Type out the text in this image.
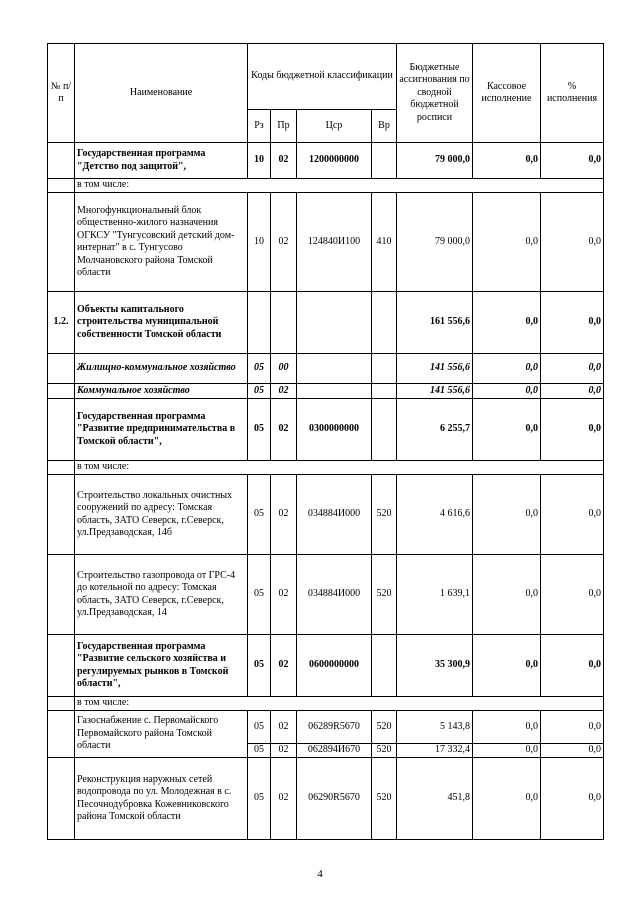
№ п/п	Наименование	Коды бюджетной классификации				Бюджетные ассигнования по сводной бюджетной росписи	Кассовое исполнение	% исполнения
		Рз	Пр	Цср	Вр			
	Государственная программа "Детство под защитой",	10	02	1200000000		79 000,0	0,0	0,0
	в том числе:							
	Многофункциональный блок общественно-жилого назначения ОГКСУ "Тунгусовский детский дом-интернат" в с. Тунгусово Молчановского района Томской области	10	02	124840И100	410	79 000,0	0,0	0,0
1.2.	Объекты капитального строительства муниципальной собственности Томской области					161 556,6	0,0	0,0
	Жилищно-коммунальное хозяйство	05	00			141 556,6	0,0	0,0
	Коммунальное хозяйство	05	02			141 556,6	0,0	0,0
	Государственная программа "Развитие предпринимательства в Томской области",	05	02	0300000000		6 255,7	0,0	0,0
	в том числе:							
	Строительство локальных очистных сооружений по адресу: Томская область, ЗАТО Северск, г.Северск, ул.Предзаводская, 14б	05	02	034884И000	520	4 616,6	0,0	0,0
	Строительство газопровода от ГРС-4 до котельной по адресу: Томская область, ЗАТО Северск, г.Северск, ул.Предзаводская, 14	05	02	034884И000	520	1 639,1	0,0	0,0
	Государственная программа "Развитие сельского хозяйства и регулируемых рынков в Томской области",	05	02	0600000000		35 300,9	0,0	0,0
	в том числе:							
	Газоснабжение с. Первомайского Первомайского района Томской области	05	02	06289R5670	520	5 143,8	0,0	0,0
		05	02	062894И670	520	17 332,4	0,0	0,0
	Реконструкция наружных сетей водопровода по ул. Молодежная в с. Песочнодубровка Кожевниковского района Томской области	05	02	06290R5670	520	451,8	0,0	0,0
4
